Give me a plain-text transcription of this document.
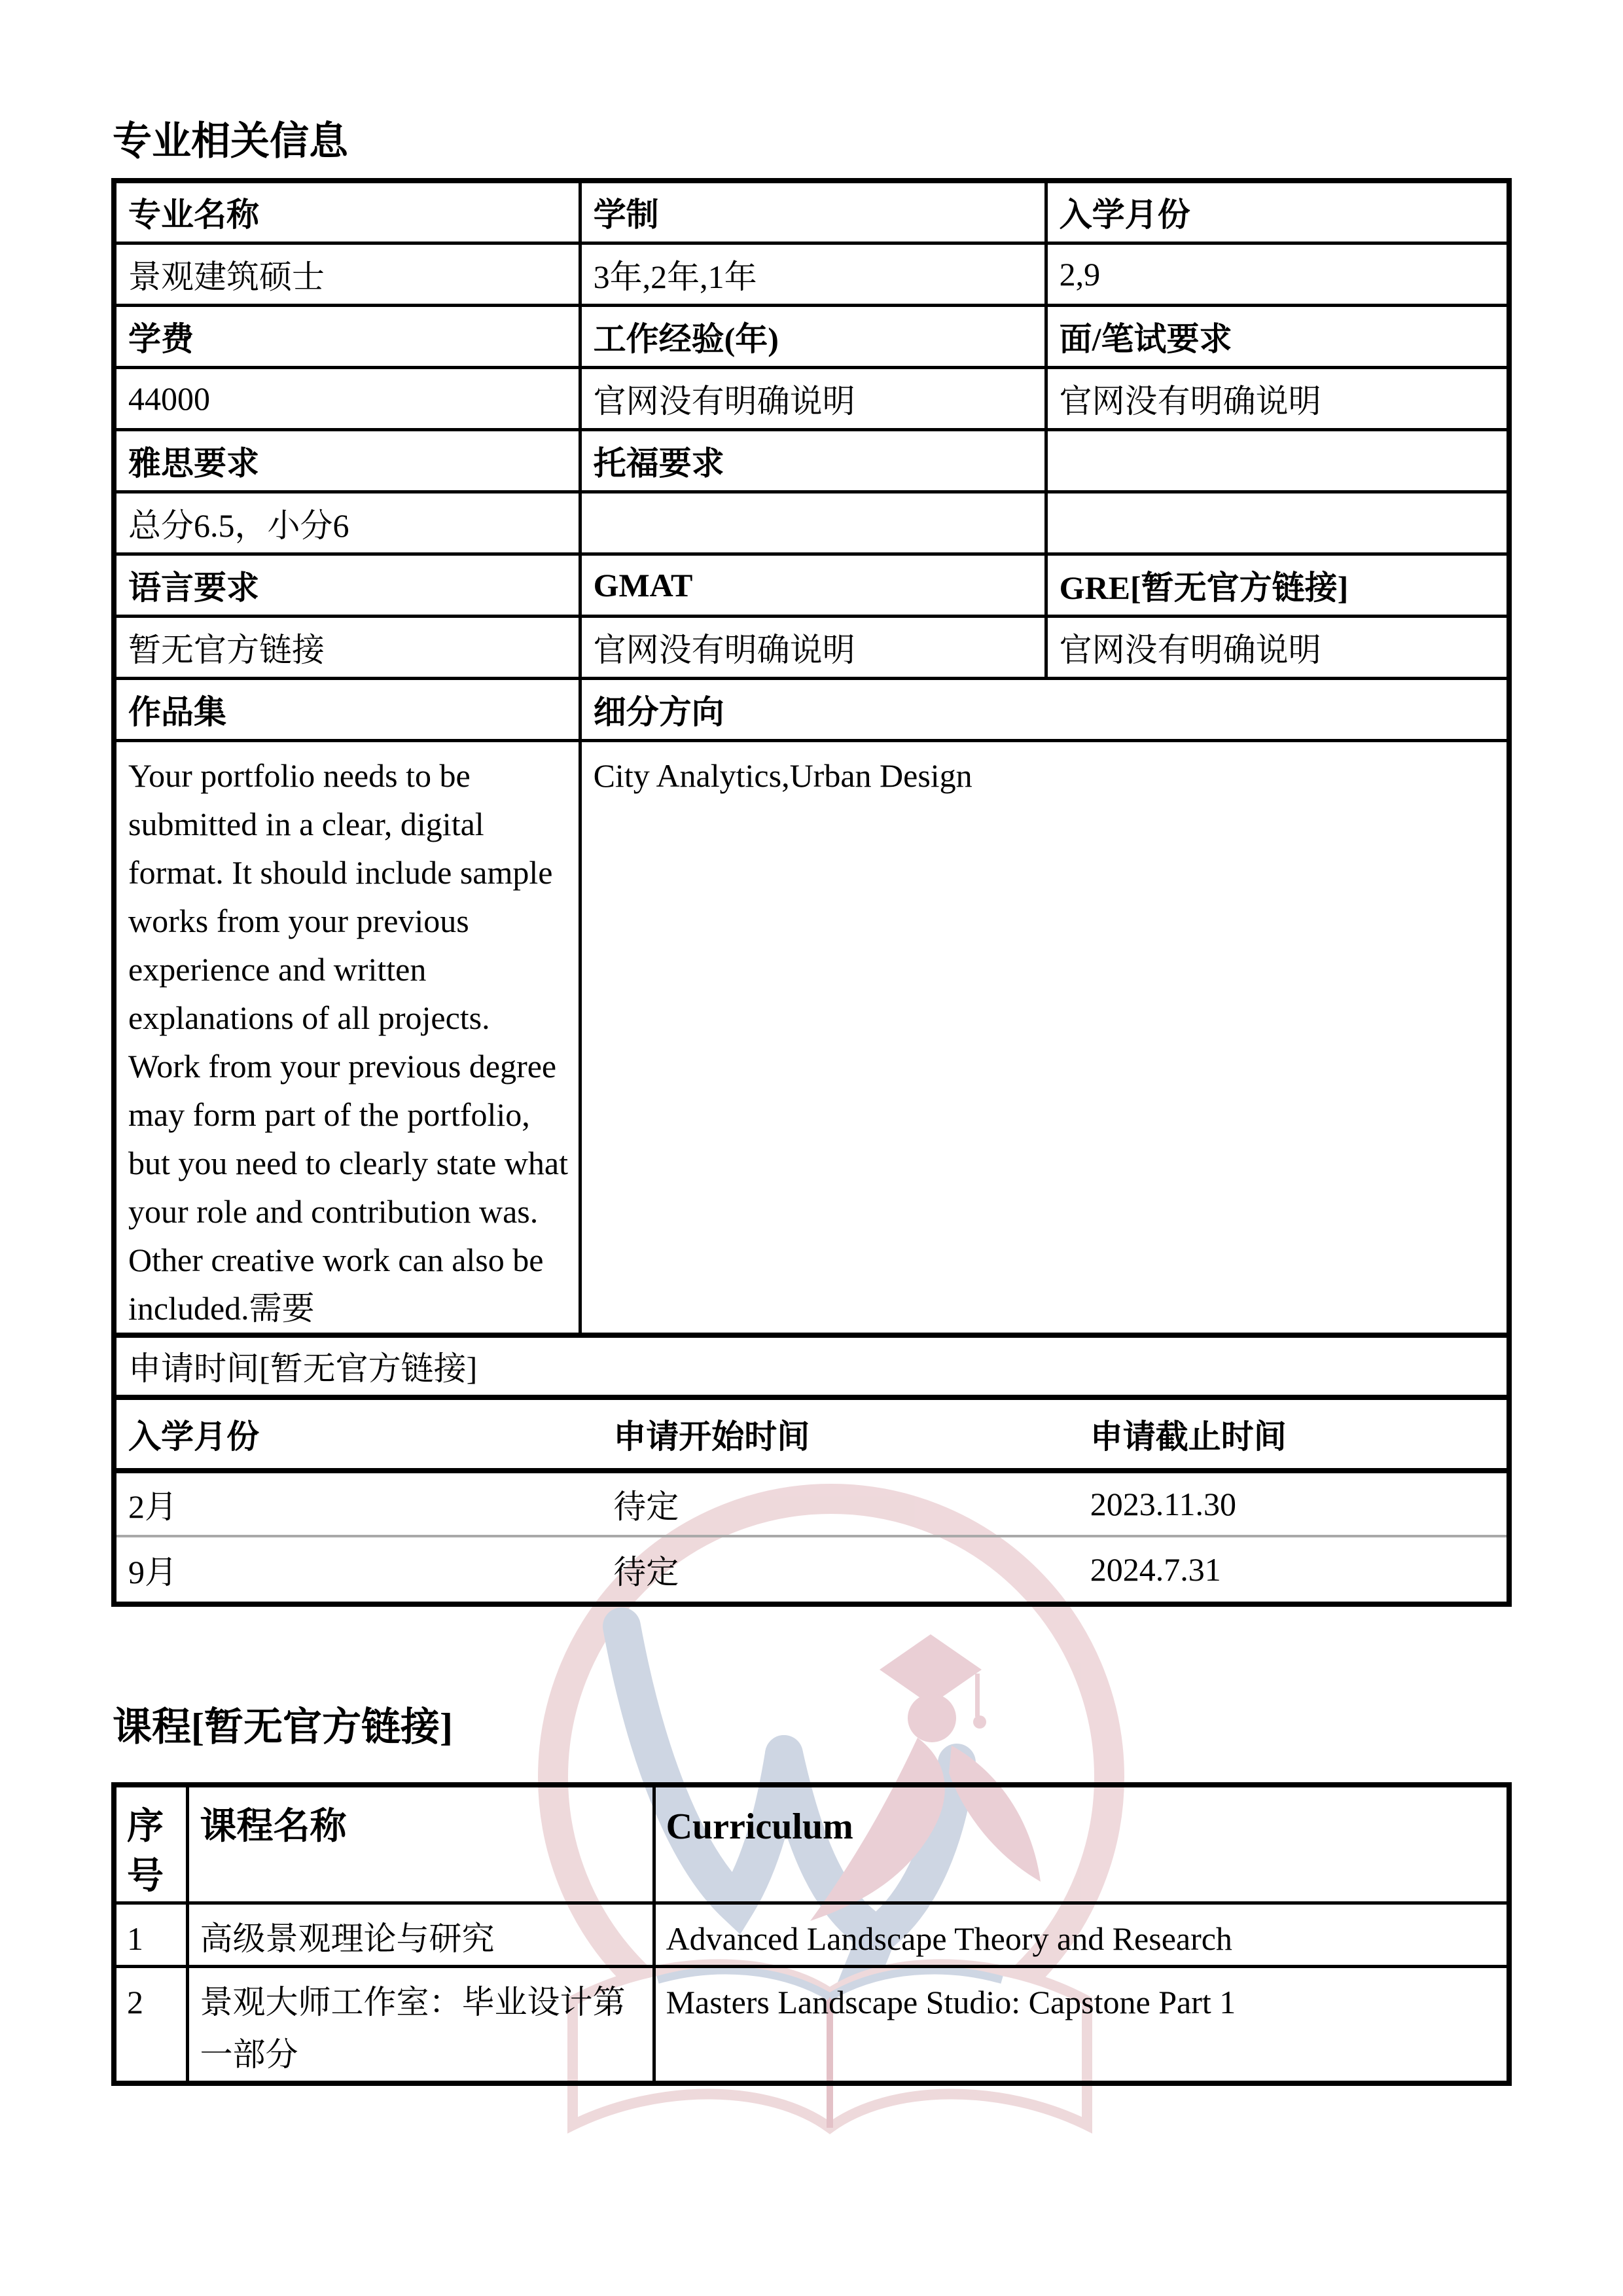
专业相关信息
专业名称	学制	入学月份
景观建筑硕士	3年,2年,1年	2,9
学费	工作经验(年)	面/笔试要求
44000	官网没有明确说明	官网没有明确说明
雅思要求	托福要求	
总分6.5，小分6		
语言要求	GMAT	GRE[暂无官方链接]
暂无官方链接	官网没有明确说明	官网没有明确说明
作品集	细分方向
Your portfolio needs to be submitted in a clear, digital format. It should include sample works from your previous experience and written explanations of all projects. Work from your previous degree may form part of the portfolio, but you need to clearly state what your role and contribution was.  Other creative work can also be included.需要	City Analytics,Urban Design
申请时间[暂无官方链接]

入学月份	申请开始时间	申请截止时间
2月	待定	2023.11.30
9月	待定	2024.7.31
课程[暂无官方链接]
序号	课程名称	Curriculum
1	高级景观理论与研究	Advanced Landscape Theory and Research
2	景观大师工作室：毕业设计第一部分	Masters Landscape Studio: Capstone Part 1
